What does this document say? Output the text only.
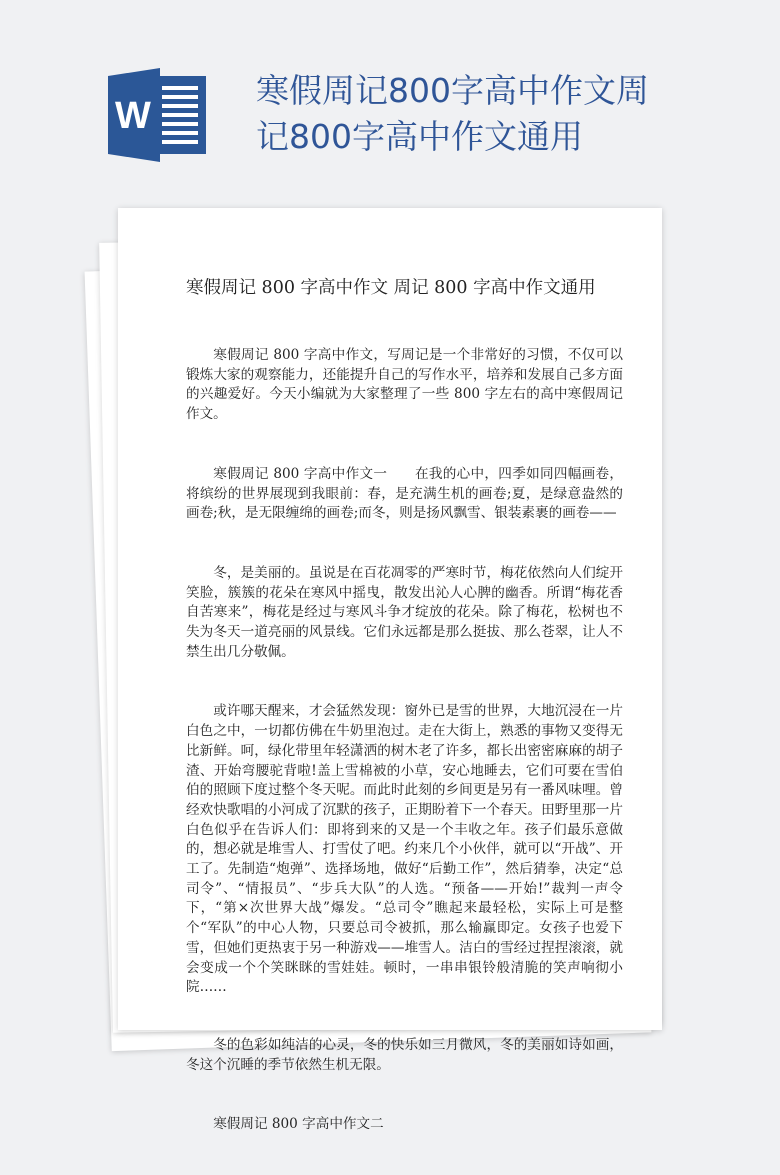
W
寒假周记800字高中作文周记800字高中作文通用
寒假周记 800 字高中作文 周记 800 字高中作文通用

寒假周记 800 字高中作文，写周记是一个非常好的习惯，不仅可以锻炼大家的观察能力，还能提升自己的写作水平，培养和发展自己多方面的兴趣爱好。今天小编就为大家整理了一些 800 字左右的高中寒假周记作文。

寒假周记 800 字高中作文一　　在我的心中，四季如同四幅画卷，将缤纷的世界展现到我眼前：春，是充满生机的画卷;夏，是绿意盎然的画卷;秋，是无限缠绵的画卷;而冬，则是扬风飘雪、银装素裹的画卷——

冬，是美丽的。虽说是在百花凋零的严寒时节，梅花依然向人们绽开笑脸，簇簇的花朵在寒风中摇曳，散发出沁人心脾的幽香。所谓“梅花香自苦寒来”，梅花是经过与寒风斗争才绽放的花朵。除了梅花，松树也不失为冬天一道亮丽的风景线。它们永远都是那么挺拔、那么苍翠，让人不禁生出几分敬佩。

或许哪天醒来，才会猛然发现：窗外已是雪的世界，大地沉浸在一片白色之中，一切都仿佛在牛奶里泡过。走在大街上，熟悉的事物又变得无比新鲜。呵，绿化带里年轻潇洒的树木老了许多，都长出密密麻麻的胡子渣、开始弯腰驼背啦!盖上雪棉被的小草，安心地睡去，它们可要在雪伯伯的照顾下度过整个冬天呢。而此时此刻的乡间更是另有一番风味哩。曾经欢快歌唱的小河成了沉默的孩子，正期盼着下一个春天。田野里那一片白色似乎在告诉人们：即将到来的又是一个丰收之年。孩子们最乐意做的，想必就是堆雪人、打雪仗了吧。约来几个小伙伴，就可以“开战”、开工了。先制造“炮弹”、选择场地，做好“后勤工作”，然后猜拳，决定“总司令”、“情报员”、“步兵大队”的人选。“预备——开始!”裁判一声令下，“第×次世界大战”爆发。“总司令”瞧起来最轻松，实际上可是整个“军队”的中心人物，只要总司令被抓，那么输赢即定。女孩子也爱下雪，但她们更热衷于另一种游戏——堆雪人。洁白的雪经过捏捏滚滚，就会变成一个个笑眯眯的雪娃娃。顿时，一串串银铃般清脆的笑声响彻小院……

冬的色彩如纯洁的心灵，冬的快乐如三月微风，冬的美丽如诗如画，冬这个沉睡的季节依然生机无限。

寒假周记 800 字高中作文二
